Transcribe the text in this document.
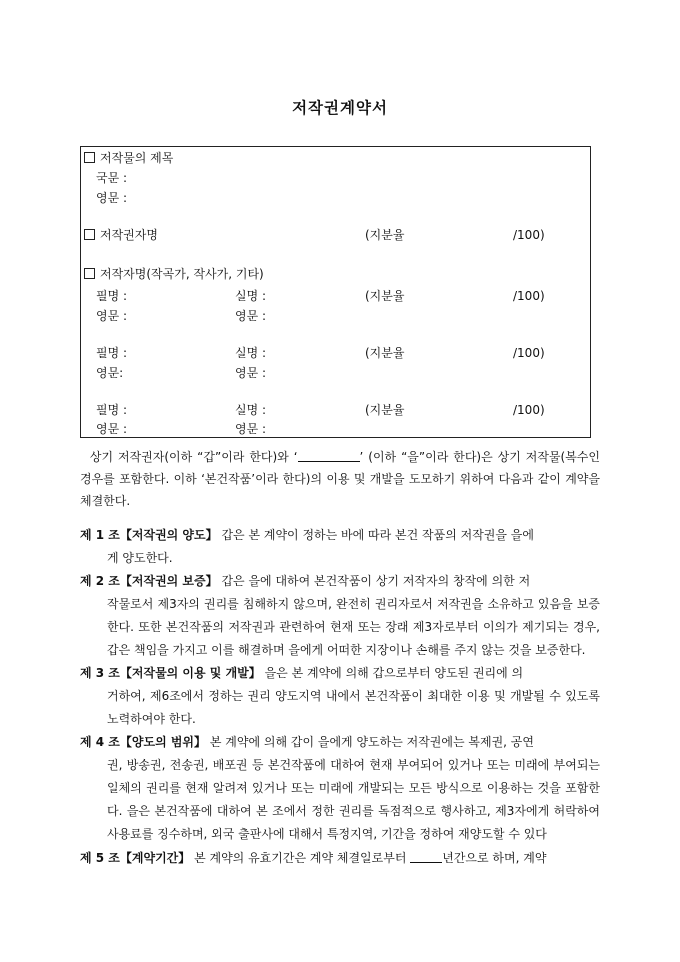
저작권계약서
저작물의 제목
국문 :
영문 :
저작권자명	(지분율	/100)
저작자명(작곡가, 작사가, 기타)
필명 :	실명 :	(지분율	/100)
영문 :	영문 :
필명 :	실명 :	(지분율	/100)
영문:	영문 :
필명 :	실명 :	(지분율	/100)
영문 :	영문 :
상기 저작권자(이하 “갑”이라 한다)와 ‘	’ (이하 “을”이라 한다)은 상기 저작물(복수인 경우를 포함한다. 이하 ‘본건작품’이라 한다)의 이용 및 개발을 도모하기 위하여 다음과 같이 계약을 체결한다.
제 1 조【저작권의 양도】 갑은 본 계약이 정하는 바에 따라 본건 작품의 저작권을 을에
게 양도한다.
제 2 조【저작권의 보증】 갑은 을에 대하여 본건작품이 상기 저작자의 창작에 의한 저
작물로서 제3자의 권리를 침해하지 않으며, 완전히 권리자로서 저작권을 소유하고 있음을 보증한다. 또한 본건작품의 저작권과 관련하여 현재 또는 장래 제3자로부터 이의가 제기되는 경우, 갑은 책임을 가지고 이를 해결하며 을에게 어떠한 지장이나 손해를 주지 않는 것을 보증한다.
제 3 조【저작물의 이용 및 개발】 을은 본 계약에 의해 갑으로부터 양도된 권리에 의
거하여, 제6조에서 정하는 권리 양도지역 내에서 본건작품이 최대한 이용 및 개발될 수 있도록 노력하여야 한다.
제 4 조【양도의 범위】 본 계약에 의해 갑이 을에게 양도하는 저작권에는 복제권, 공연
권, 방송권, 전송권, 배포권 등 본건작품에 대하여 현재 부여되어 있거나 또는 미래에 부여되는 일체의 권리를 현재 알려져 있거나 또는 미래에 개발되는 모든 방식으로 이용하는 것을 포함한다. 을은 본건작품에 대하여 본 조에서 정한 권리를 독점적으로 행사하고, 제3자에게 허락하여 사용료를 징수하며, 외국 출판사에 대해서 특정지역, 기간을 정하여 재양도할 수 있다
제 5 조【계약기간】 본 계약의 유효기간은 계약 체결일로부터	년간으로 하며, 계약
